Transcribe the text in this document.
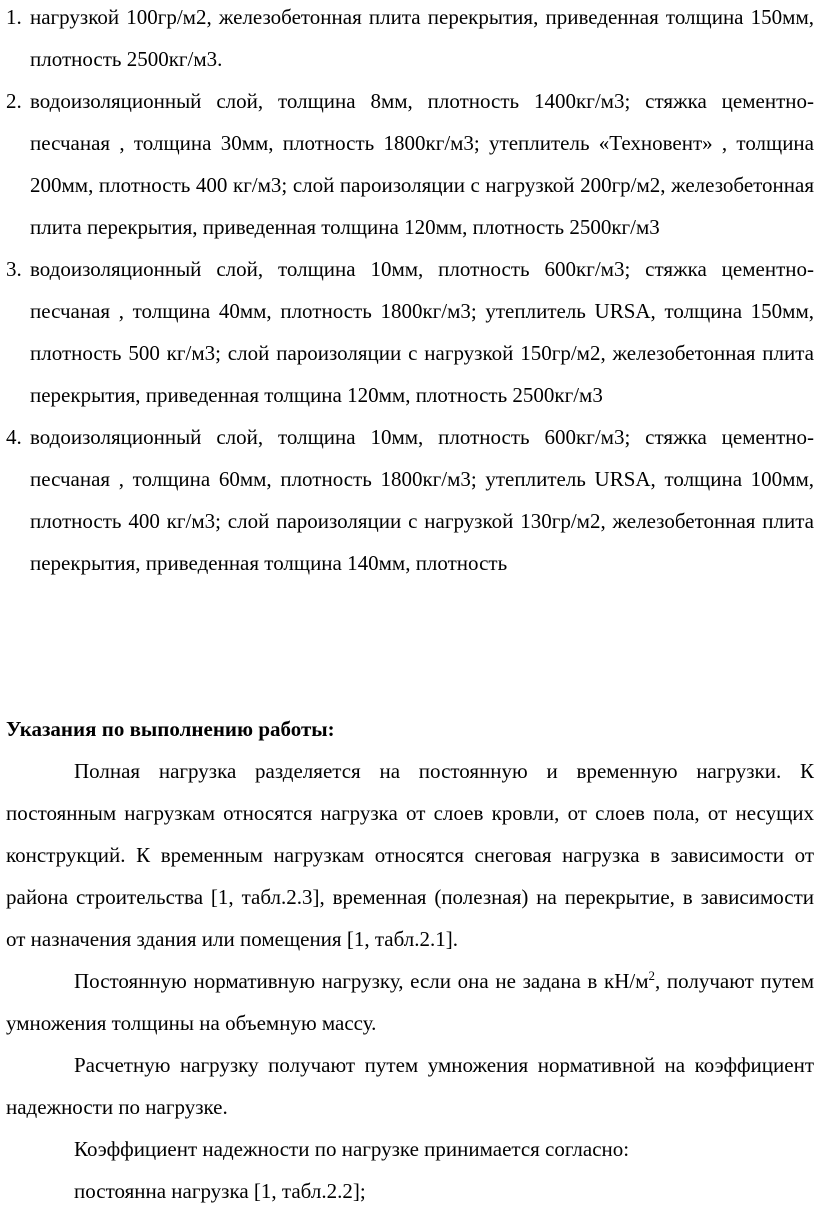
1. нагрузкой 100гр/м2, железобетонная плита перекрытия, приведенная толщина 150мм, плотность 2500кг/м3.
2. водоизоляционный слой, толщина 8мм, плотность 1400кг/м3; стяжка цементно-песчаная , толщина 30мм, плотность 1800кг/м3; утеплитель «Техновент» , толщина 200мм, плотность 400 кг/м3; слой пароизоляции с нагрузкой 200гр/м2, железобетонная плита перекрытия, приведенная толщина 120мм, плотность 2500кг/м3
3. водоизоляционный слой, толщина 10мм, плотность 600кг/м3; стяжка цементно-песчаная , толщина 40мм, плотность 1800кг/м3; утеплитель URSA, толщина 150мм, плотность 500 кг/м3; слой пароизоляции с нагрузкой 150гр/м2, железобетонная плита перекрытия, приведенная толщина 120мм, плотность 2500кг/м3
4. водоизоляционный слой, толщина 10мм, плотность 600кг/м3; стяжка цементно-песчаная , толщина 60мм, плотность 1800кг/м3; утеплитель URSA, толщина 100мм, плотность 400 кг/м3; слой пароизоляции с нагрузкой 130гр/м2, железобетонная плита перекрытия, приведенная толщина 140мм, плотность

Указания по выполнению работы:

Полная нагрузка разделяется на постоянную и временную нагрузки. К постоянным нагрузкам относятся нагрузка от слоев кровли, от слоев пола, от несущих конструкций. К временным нагрузкам относятся снеговая нагрузка в зависимости от района строительства [1, табл.2.3], временная (полезная) на перекрытие, в зависимости от назначения здания или помещения [1, табл.2.1].

Постоянную нормативную нагрузку, если она не задана в $кН/м^2$, получают путем умножения толщины на объемную массу.

Расчетную нагрузку получают путем умножения нормативной на коэффициент надежности по нагрузке.

Коэффициент надежности по нагрузке принимается согласно:

постоянна нагрузка [1, табл.2.2];
